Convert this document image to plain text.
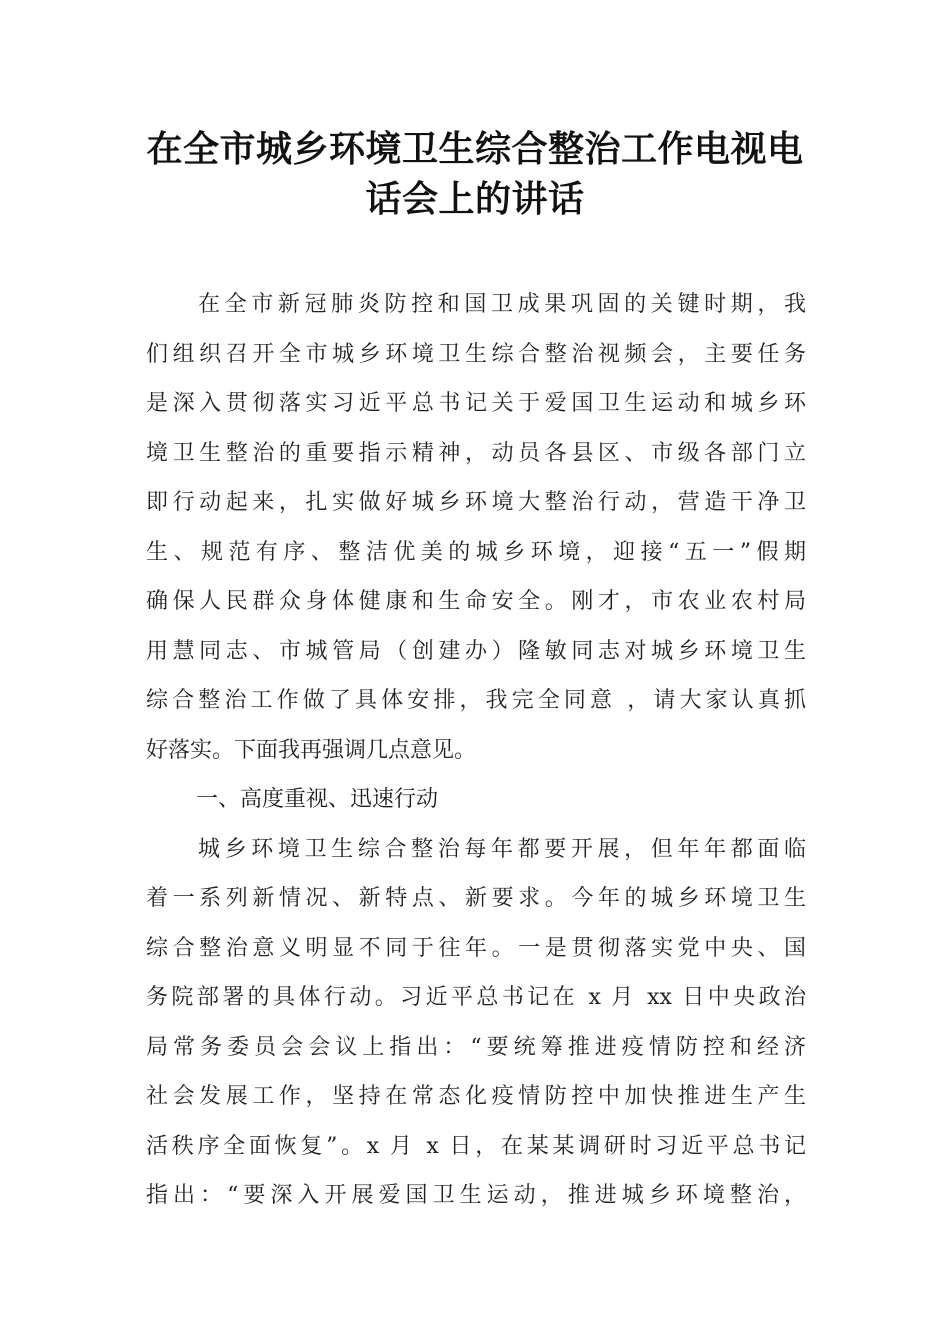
在全市城乡环境卫生综合整治工作电视电
话会上的讲话
在全市新冠肺炎防控和国卫成果巩固的关键时期，我
们组织召开全市城乡环境卫生综合整治视频会，主要任务
是深入贯彻落实习近平总书记关于爱国卫生运动和城乡环
境卫生整治的重要指示精神，动员各县区、市级各部门立
即行动起来，扎实做好城乡环境大整治行动，营造干净卫
生、规范有序、整洁优美的城乡环境，迎接“五一”假期
确保人民群众身体健康和生命安全。刚才，市农业农村局
用慧同志、市城管局（创建办）隆敏同志对城乡环境卫生
综合整治工作做了具体安排，我完全同意 ，请大家认真抓
好落实。下面我再强调几点意见。
一、高度重视、迅速行动
城乡环境卫生综合整治每年都要开展，但年年都面临
着一系列新情况、新特点、新要求。今年的城乡环境卫生
综合整治意义明显不同于往年。一是贯彻落实党中央、国
务院部署的具体行动。习近平总书记在 x 月 xx 日中央政治
局常务委员会会议上指出：“要统筹推进疫情防控和经济
社会发展工作，坚持在常态化疫情防控中加快推进生产生
活秩序全面恢复”。x 月 x 日，在某某调研时习近平总书记
指出：“要深入开展爱国卫生运动，推进城乡环境整治，
